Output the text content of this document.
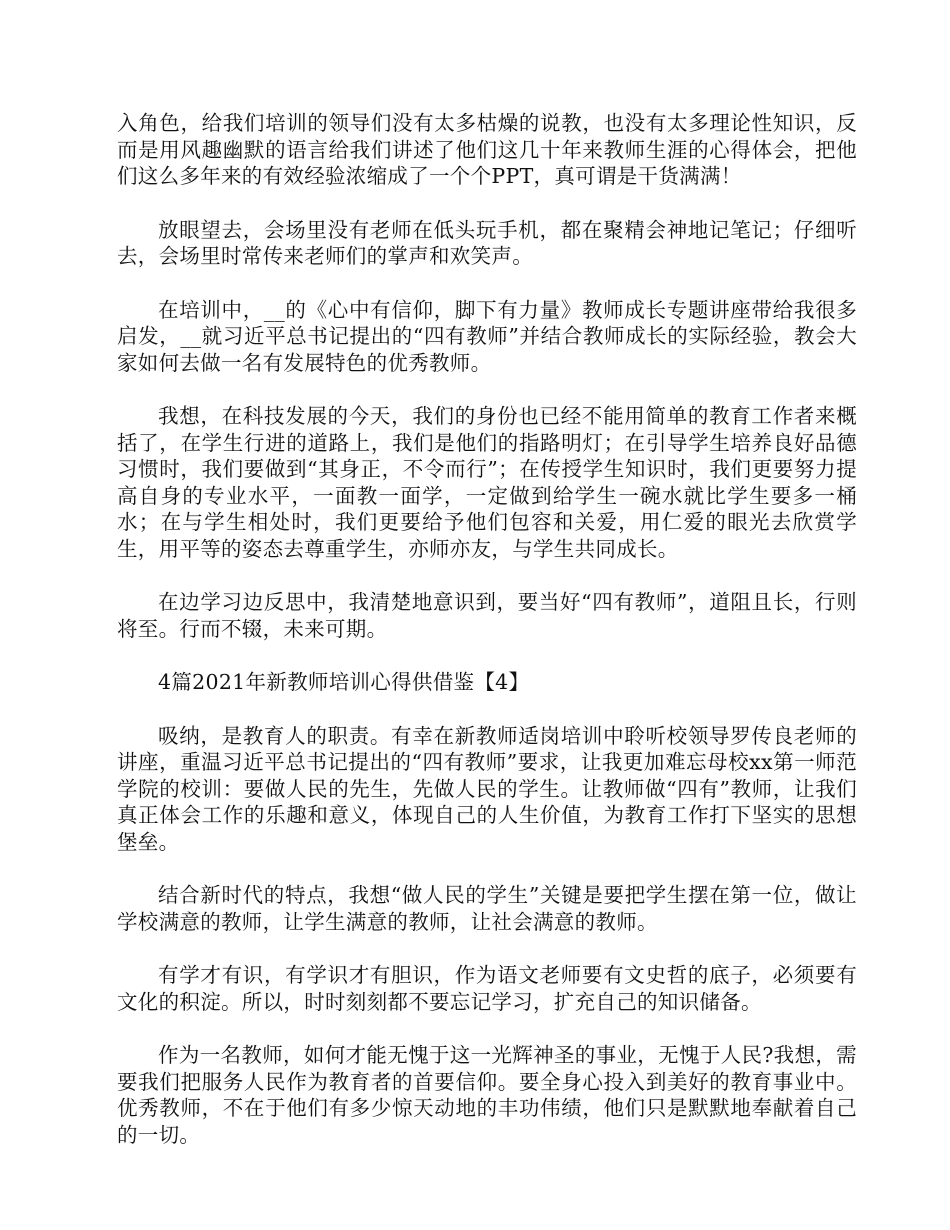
入角色，给我们培训的领导们没有太多枯燥的说教，也没有太多理论性知识，反而是用风趣幽默的语言给我们讲述了他们这几十年来教师生涯的心得体会，把他们这么多年来的有效经验浓缩成了一个个PPT，真可谓是干货满满！

放眼望去，会场里没有老师在低头玩手机，都在聚精会神地记笔记；仔细听去，会场里时常传来老师们的掌声和欢笑声。

在培训中，__的《心中有信仰，脚下有力量》教师成长专题讲座带给我很多启发，__就习近平总书记提出的“四有教师”并结合教师成长的实际经验，教会大家如何去做一名有发展特色的优秀教师。

我想，在科技发展的今天，我们的身份也已经不能用简单的教育工作者来概括了，在学生行进的道路上，我们是他们的指路明灯；在引导学生培养良好品德习惯时，我们要做到“其身正，不令而行”；在传授学生知识时，我们更要努力提高自身的专业水平，一面教一面学，一定做到给学生一碗水就比学生要多一桶水；在与学生相处时，我们更要给予他们包容和关爱，用仁爱的眼光去欣赏学生，用平等的姿态去尊重学生，亦师亦友，与学生共同成长。

在边学习边反思中，我清楚地意识到，要当好“四有教师”，道阻且长，行则将至。行而不辍，未来可期。

4篇2021年新教师培训心得供借鉴【4】

吸纳，是教育人的职责。有幸在新教师适岗培训中聆听校领导罗传良老师的讲座，重温习近平总书记提出的“四有教师”要求，让我更加难忘母校xx第一师范学院的校训：要做人民的先生，先做人民的学生。让教师做“四有”教师，让我们真正体会工作的乐趣和意义，体现自己的人生价值，为教育工作打下坚实的思想堡垒。

结合新时代的特点，我想“做人民的学生”关键是要把学生摆在第一位，做让学校满意的教师，让学生满意的教师，让社会满意的教师。

有学才有识，有学识才有胆识，作为语文老师要有文史哲的底子，必须要有文化的积淀。所以，时时刻刻都不要忘记学习，扩充自己的知识储备。

作为一名教师，如何才能无愧于这一光辉神圣的事业，无愧于人民?我想，需要我们把服务人民作为教育者的首要信仰。要全身心投入到美好的教育事业中。优秀教师，不在于他们有多少惊天动地的丰功伟绩，他们只是默默地奉献着自己的一切。
